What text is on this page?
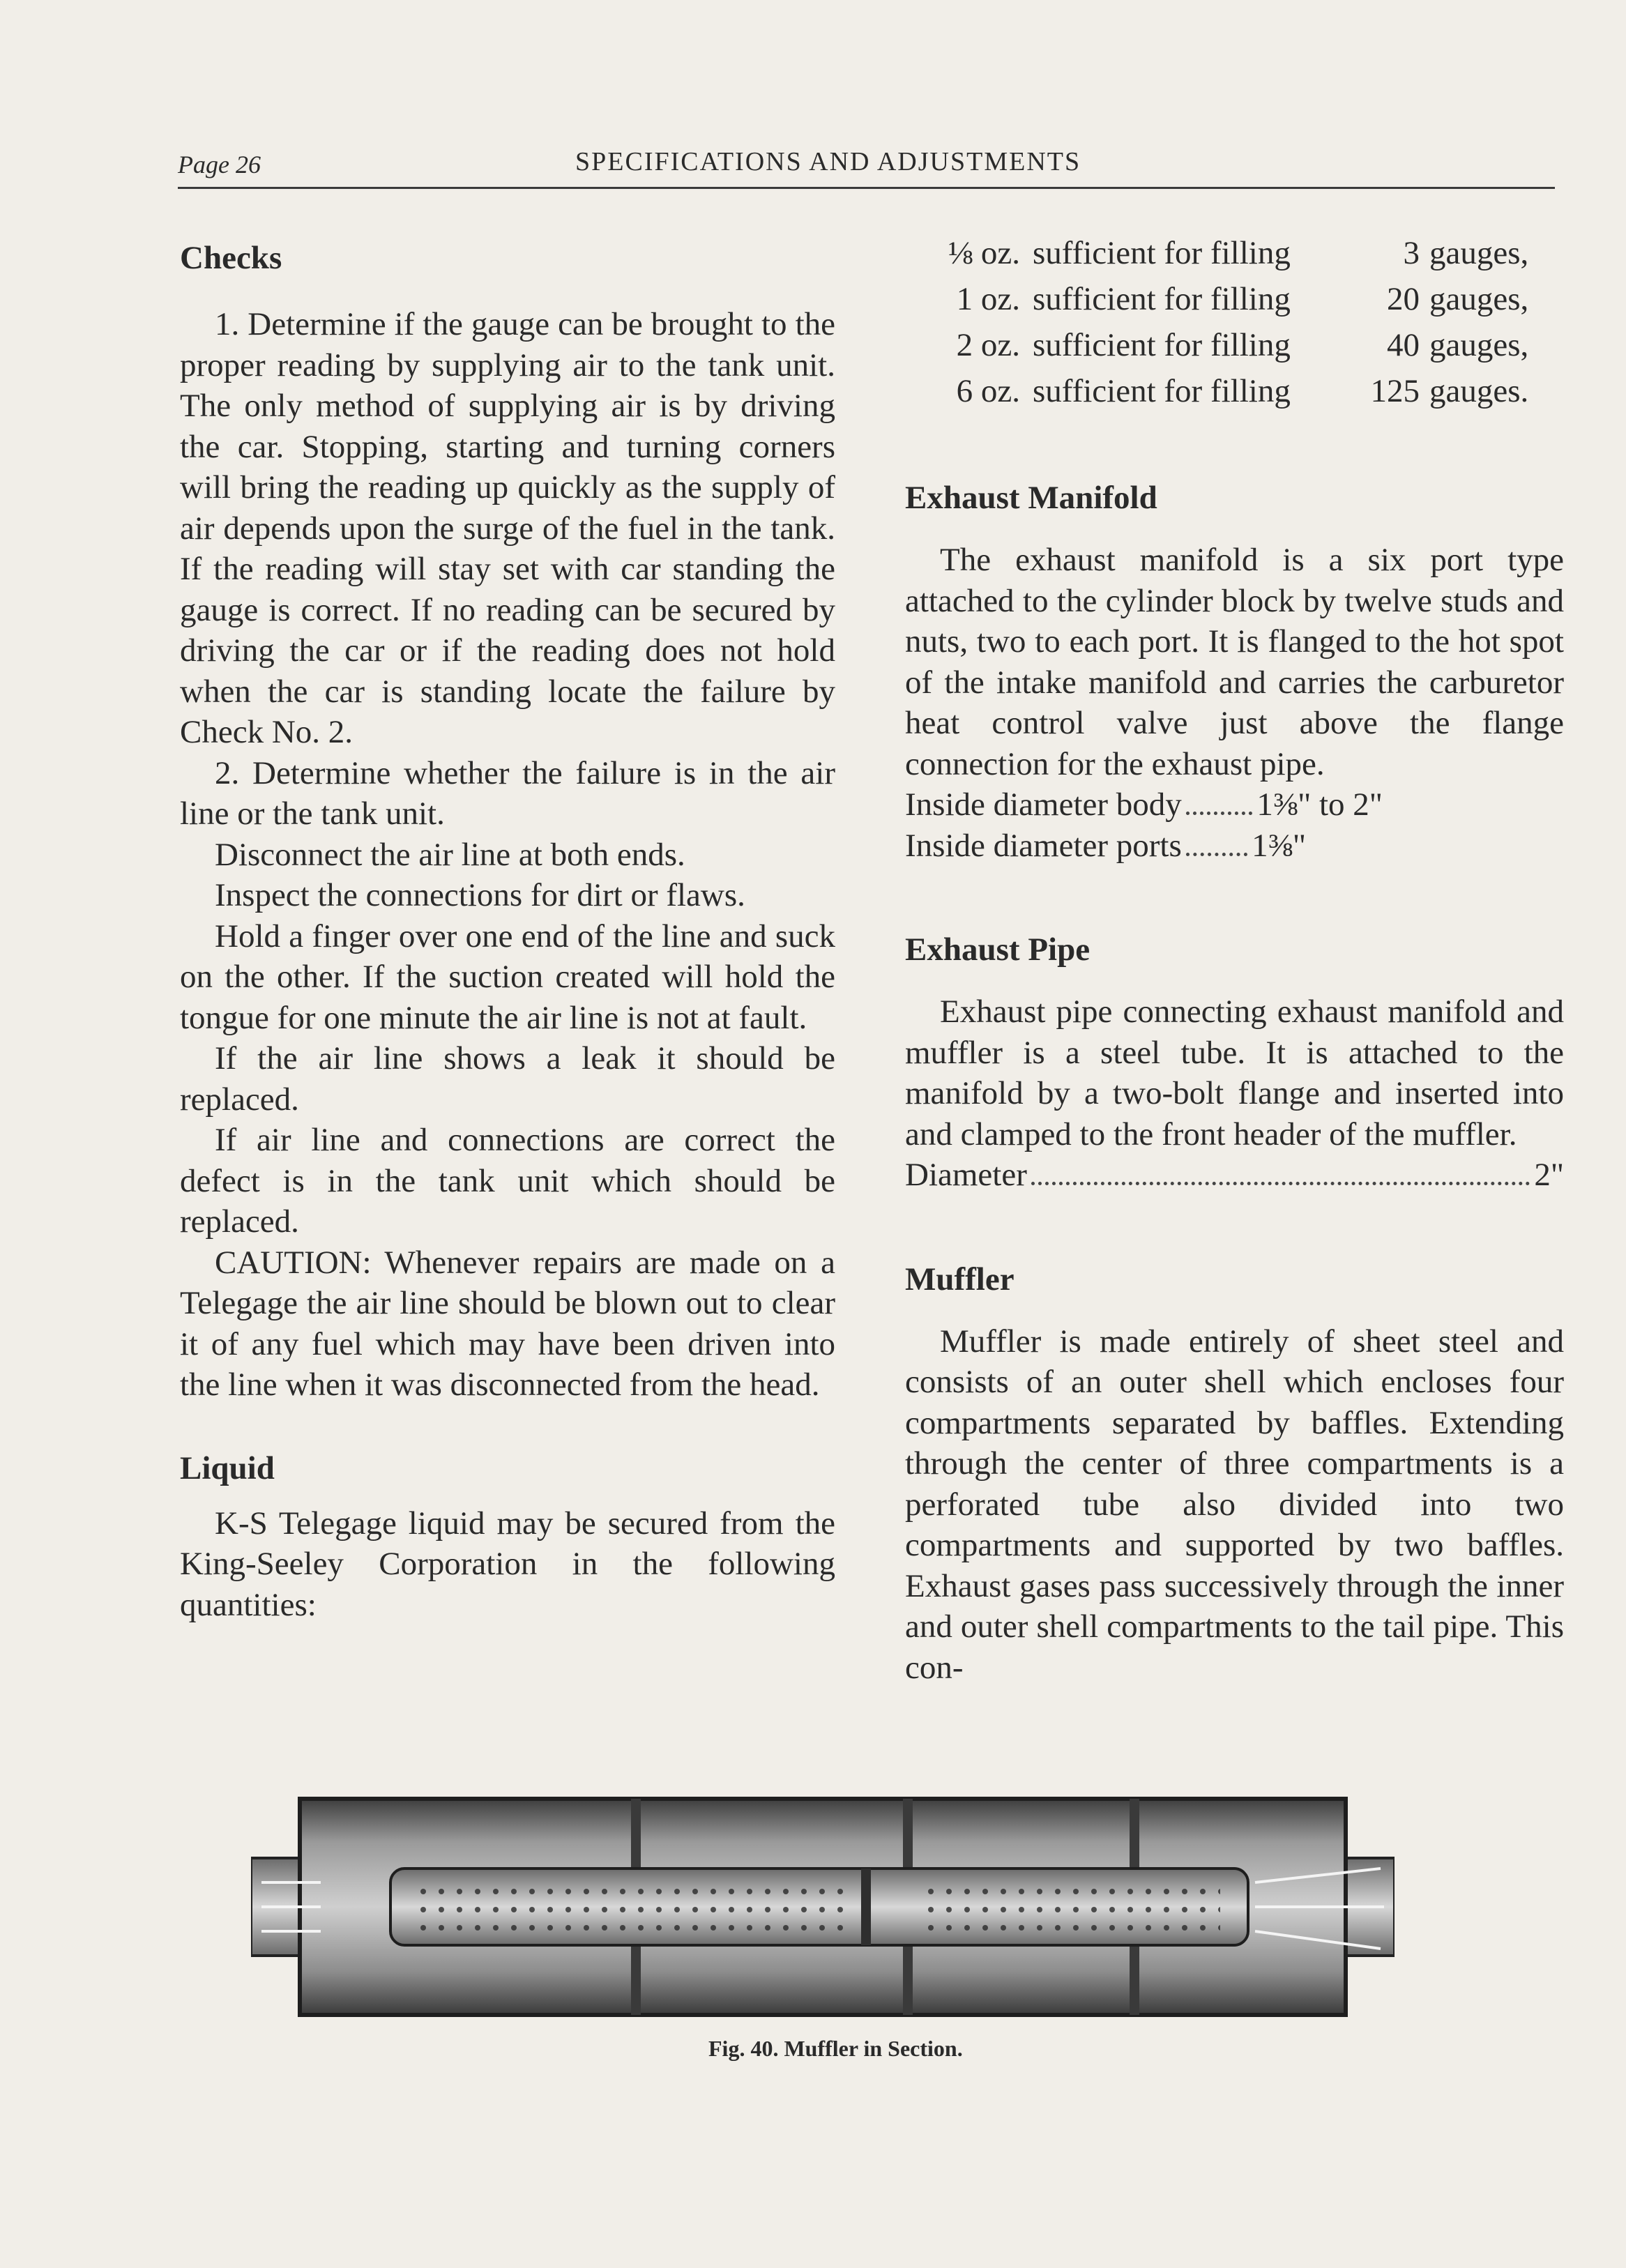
Page 26	SPECIFICATIONS AND ADJUSTMENTS
Checks

1. Determine if the gauge can be brought to the proper reading by supplying air to the tank unit. The only method of supplying air is by driving the car. Stopping, starting and turning corners will bring the reading up quickly as the supply of air depends upon the surge of the fuel in the tank. If the reading will stay set with car standing the gauge is correct. If no reading can be secured by driving the car or if the reading does not hold when the car is standing locate the failure by Check No. 2.

2. Determine whether the failure is in the air line or the tank unit.

Disconnect the air line at both ends.

Inspect the connections for dirt or flaws.

Hold a finger over one end of the line and suck on the other. If the suction created will hold the tongue for one minute the air line is not at fault.

If the air line shows a leak it should be replaced.

If air line and connections are correct the defect is in the tank unit which should be replaced.

CAUTION: Whenever repairs are made on a Telegage the air line should be blown out to clear it of any fuel which may have been driven into the line when it was disconnected from the head.

Liquid

K-S Telegage liquid may be secured from the King-Seeley Corporation in the following quantities:

⅛ oz. sufficient for filling	3 gauges,
1 oz. sufficient for filling	20 gauges,
2 oz. sufficient for filling	40 gauges,
6 oz. sufficient for filling	125 gauges.
Exhaust Manifold

The exhaust manifold is a six port type attached to the cylinder block by twelve studs and nuts, two to each port. It is flanged to the hot spot of the intake manifold and carries the carburetor heat control valve just above the flange connection for the exhaust pipe.

Inside diameter body 1⅜" to 2"
Inside diameter ports 1⅜"
Exhaust Pipe

Exhaust pipe connecting exhaust manifold and muffler is a steel tube. It is attached to the manifold by a two-bolt flange and inserted into and clamped to the front header of the muffler.

Diameter	2"
Muffler

Muffler is made entirely of sheet steel and consists of an outer shell which encloses four compartments separated by baffles. Extending through the center of three compartments is a perforated tube also divided into two compartments and supported by two baffles. Exhaust gases pass successively through the inner and outer shell compartments to the tail pipe. This con-

Fig. 40. Muffler in Section.
